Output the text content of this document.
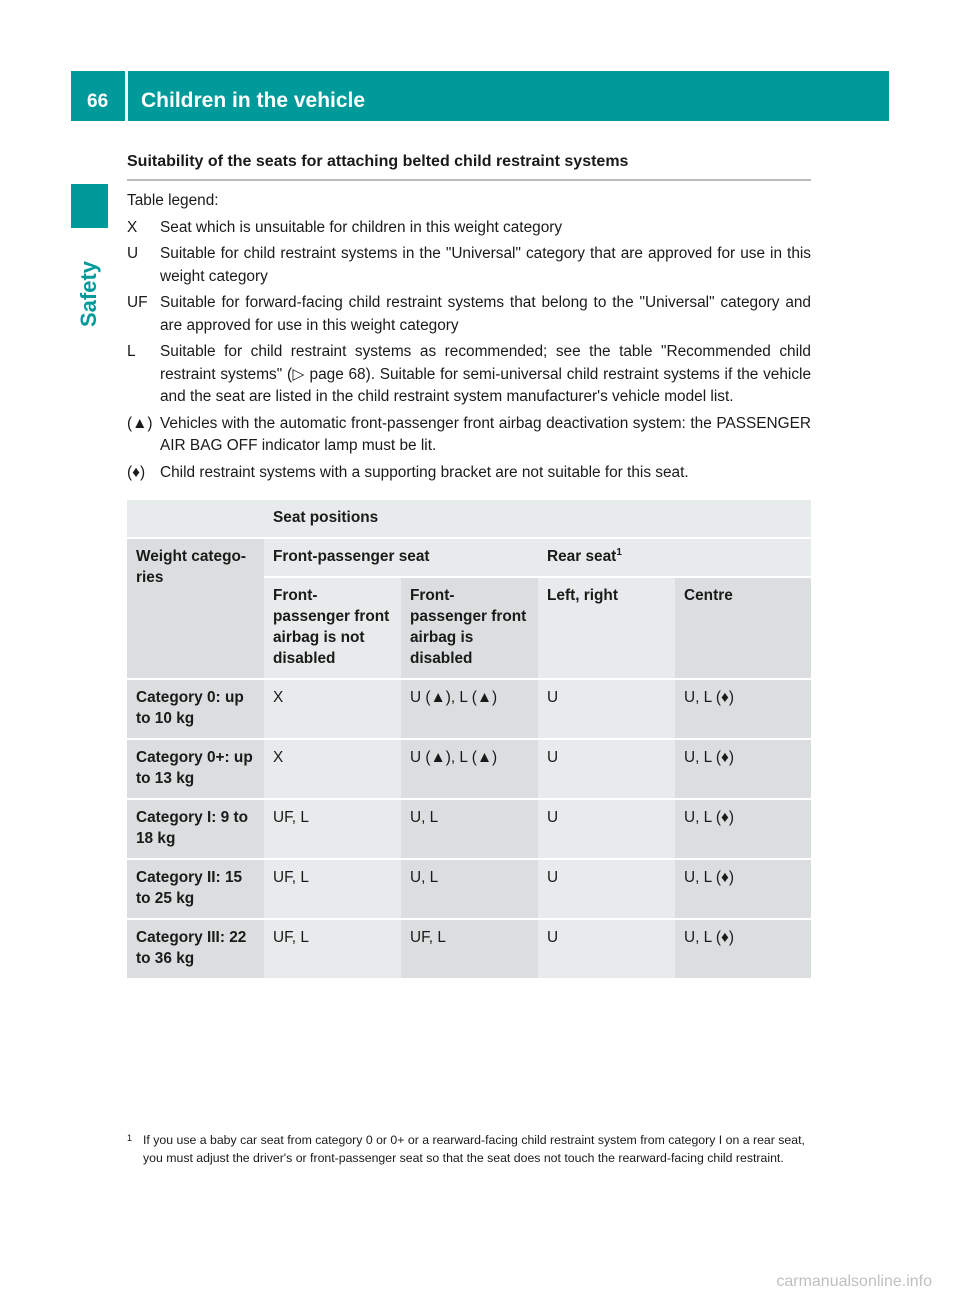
66 Children in the vehicle
Safety
Suitability of the seats for attaching belted child restraint systems
Table legend:
X	Seat which is unsuitable for children in this weight category
U	Suitable for child restraint systems in the "Universal" category that are approved for use in this weight category
UF Suitable for forward-facing child restraint systems that belong to the "Universal" category and are approved for use in this weight category
L	Suitable for child restraint systems as recommended; see the table "Recommended child restraint systems" (▷ page 68). Suitable for semi-universal child restraint systems if the vehicle and the seat are listed in the child restraint system manufacturer's vehicle model list.
(▲) Vehicles with the automatic front-passenger front airbag deactivation system: the PASSENGER AIR BAG OFF indicator lamp must be lit.
(♦) Child restraint systems with a supporting bracket are not suitable for this seat.
	Seat positions			
Weight catego-ries	Front-passenger seat		Rear seat$^1$
	Front-passenger front airbag is not disabled	Front-passenger front airbag is disabled	Left, right	Centre
Category 0: up to 10 kg	X	U (▲), L (▲)	U	U, L (♦)
Category 0+: up to 13 kg	X	U (▲), L (▲)	U	U, L (♦)
Category I: 9 to 18 kg	UF, L	U, L	U	U, L (♦)
Category II: 15 to 25 kg	UF, L	U, L	U	U, L (♦)
Category III: 22 to 36 kg	UF, L	UF, L	U	U, L (♦)
1 If you use a baby car seat from category 0 or 0+ or a rearward-facing child restraint system from category I on a rear seat, you must adjust the driver's or front-passenger seat so that the seat does not touch the rearward-facing child restraint.
carmanualsonline.info
